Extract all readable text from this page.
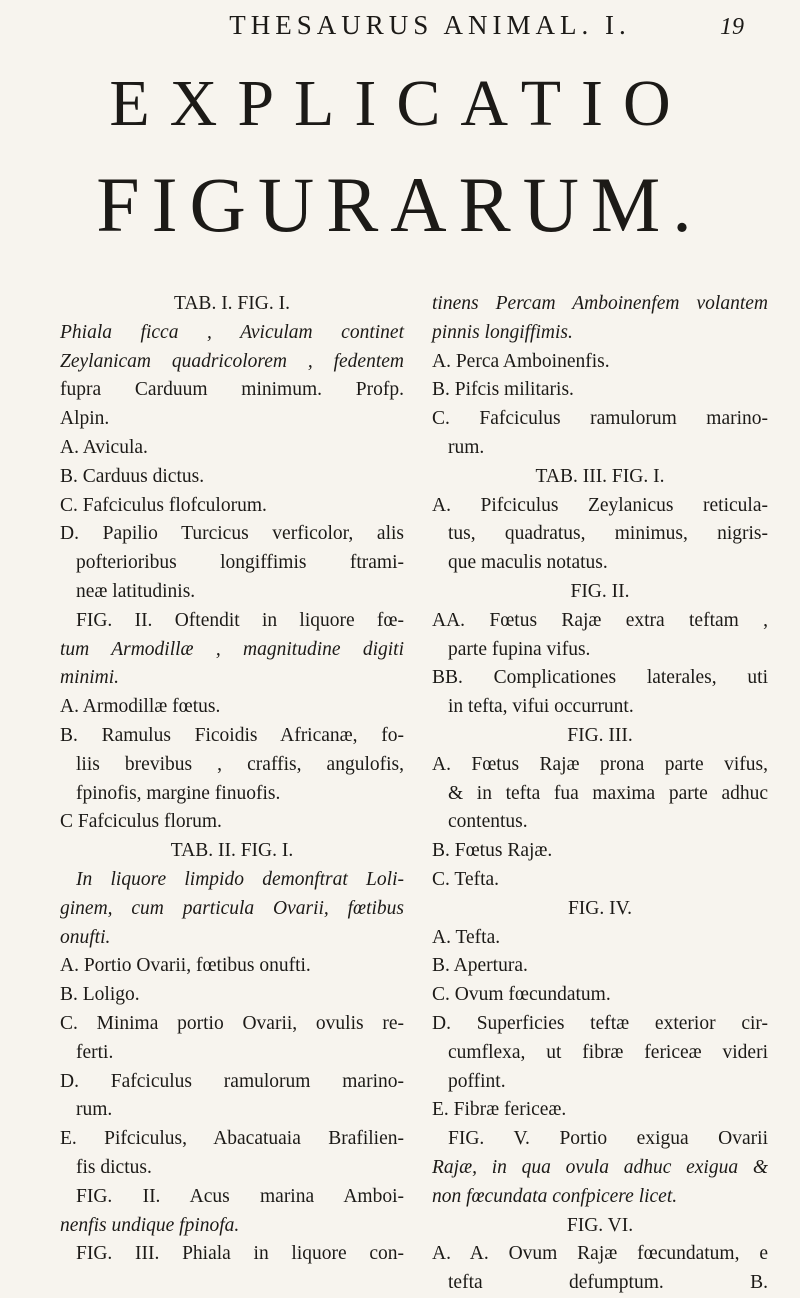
THESAURUS ANIMAL. I.	19
EXPLICATIO
FIGURARUM.
TAB. I. FIG. I.
Phiala ficca , Aviculam continet
Zeylanicam quadricolorem , fedentem
fupra Carduum minimum. Profp.
Alpin.
A. Avicula.
B. Carduus dictus.
C. Fafciculus flofculorum.
D. Papilio Turcicus verficolor, alis
pofterioribus longiffimis ftrami-
neæ latitudinis.
FIG. II. Oftendit in liquore fœ-
tum Armodillæ , magnitudine digiti
minimi.
A. Armodillæ fœtus.
B. Ramulus Ficoidis Africanæ, fo-
liis brevibus , craffis, angulofis,
fpinofis, margine finuofis.
C Fafciculus florum.
TAB. II. FIG. I.
In liquore limpido demonftrat Loli-
ginem, cum particula Ovarii, fœtibus
onufti.
A. Portio Ovarii, fœtibus onufti.
B. Loligo.
C. Minima portio Ovarii, ovulis re-
ferti.
D. Fafciculus ramulorum marino-
rum.
E. Pifciculus, Abacatuaia Brafilien-
fis dictus.
FIG. II. Acus marina Amboi-
nenfis undique fpinofa.
FIG. III. Phiala in liquore con-
tinens Percam Amboinenfem volantem
pinnis longiffimis.
A. Perca Amboinenfis.
B. Pifcis militaris.
C. Fafciculus ramulorum marino-
rum.
TAB. III. FIG. I.
A. Pifciculus Zeylanicus reticula-
tus, quadratus, minimus, nigris-
que maculis notatus.
FIG. II.
AA. Fœtus Rajæ extra teftam ,
parte fupina vifus.
BB. Complicationes laterales, uti
in tefta, vifui occurrunt.
FIG. III.
A. Fœtus Rajæ prona parte vifus,
& in tefta fua maxima parte adhuc
contentus.
B. Fœtus Rajæ.
C. Tefta.
FIG. IV.
A. Tefta.
B. Apertura.
C. Ovum fœcundatum.
D. Superficies teftæ exterior cir-
cumflexa, ut fibræ fericeæ videri
poffint.
E. Fibræ fericeæ.
FIG. V. Portio exigua Ovarii
Rajæ, in qua ovula adhuc exigua &
non fœcundata confpicere licet.
FIG. VI.
A. A. Ovum Rajæ fœcundatum, e
tefta defumptum. B.
